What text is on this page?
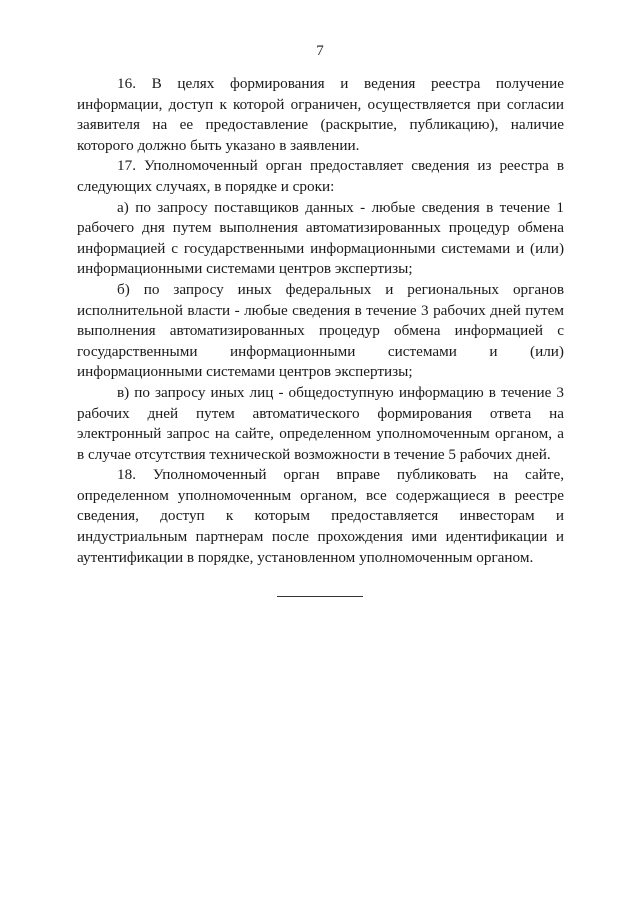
7

16. В целях формирования и ведения реестра получение информации, доступ к которой ограничен, осуществляется при согласии заявителя на ее предоставление (раскрытие, публикацию), наличие которого должно быть указано в заявлении.

17. Уполномоченный орган предоставляет сведения из реестра в следующих случаях, в порядке и сроки:

а) по запросу поставщиков данных - любые сведения в течение 1 рабочего дня путем выполнения автоматизированных процедур обмена информацией с государственными информационными системами и (или) информационными системами центров экспертизы;

б) по запросу иных федеральных и региональных органов исполнительной власти - любые сведения в течение 3 рабочих дней путем выполнения автоматизированных процедур обмена информацией с государственными информационными системами и (или) информационными системами центров экспертизы;

в) по запросу иных лиц - общедоступную информацию в течение 3 рабочих дней путем автоматического формирования ответа на электронный запрос на сайте, определенном уполномоченным органом, а в случае отсутствия технической возможности в течение 5 рабочих дней.

18. Уполномоченный орган вправе публиковать на сайте, определенном уполномоченным органом, все содержащиеся в реестре сведения, доступ к которым предоставляется инвесторам и индустриальным партнерам после прохождения ими идентификации и аутентификации в порядке, установленном уполномоченным органом.
